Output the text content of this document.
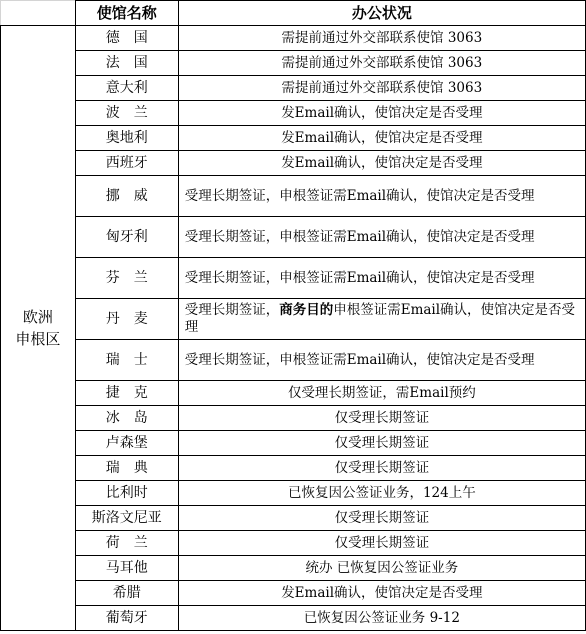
	使馆名称	办公状况
欧洲
申根区	德　国	需提前通过外交部联系使馆 3063
	法　国	需提前通过外交部联系使馆 3063
	意大利	需提前通过外交部联系使馆 3063
	波　兰	发Email确认，使馆决定是否受理
	奥地利	发Email确认，使馆决定是否受理
	西班牙	发Email确认，使馆决定是否受理
	挪　威	受理长期签证，申根签证需Email确认，使馆决定是否受理

	匈牙利	受理长期签证，申根签证需Email确认，使馆决定是否受理

	芬　兰	受理长期签证，申根签证需Email确认，使馆决定是否受理

	丹　麦	受理长期签证，商务目的申根签证需Email确认，使馆决定是否受理

	瑞　士	受理长期签证，申根签证需Email确认，使馆决定是否受理

	捷　克	仅受理长期签证，需Email预约
	冰　岛	仅受理长期签证
	卢森堡	仅受理长期签证
	瑞　典	仅受理长期签证
	比利时	已恢复因公签证业务，124上午
	斯洛文尼亚	仅受理长期签证
	荷　兰	仅受理长期签证
	马耳他	统办 已恢复因公签证业务
	希腊	发Email确认，使馆决定是否受理
	葡萄牙	已恢复因公签证业务 9-12
